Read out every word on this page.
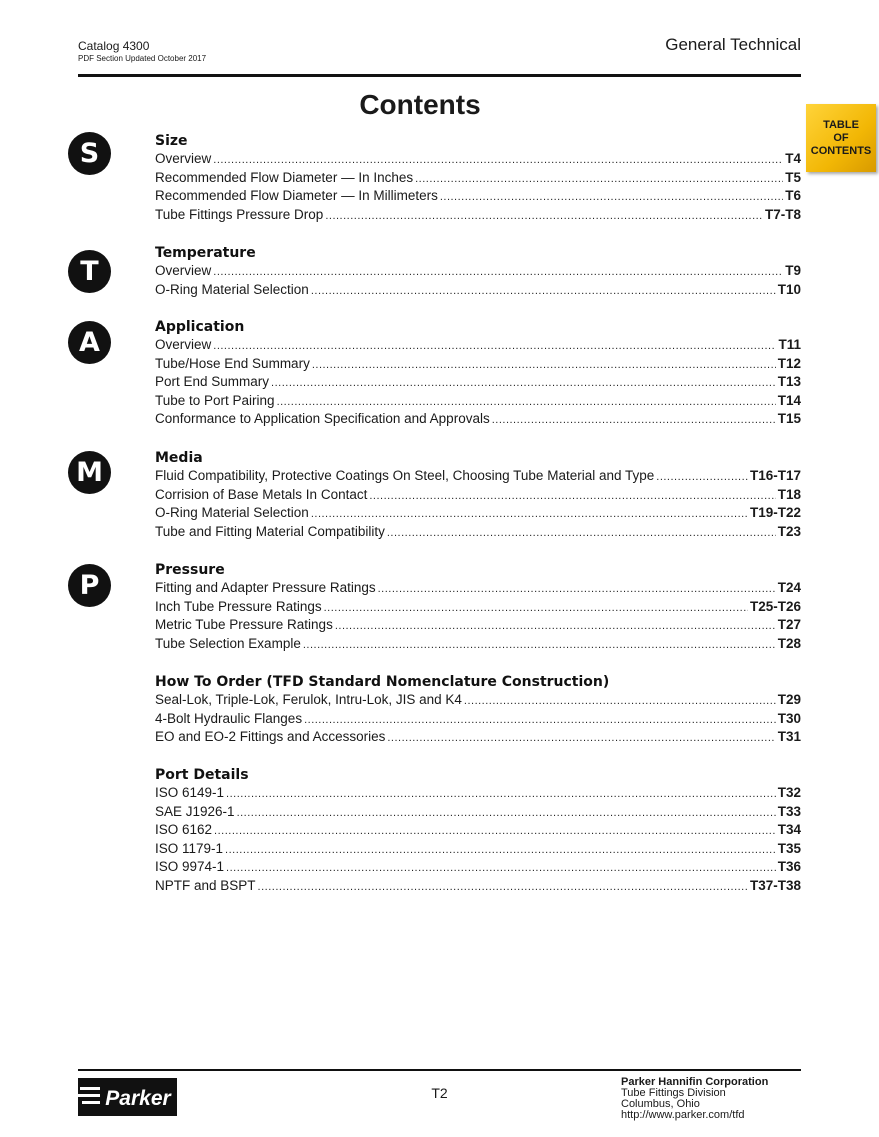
Catalog 4300
PDF Section Updated October 2017
General Technical
Contents
TABLE
OF
CONTENTS
S
T
A
M
P
Size
Overview .....	T4
Recommended Flow Diameter — In Inches .....	T5
Recommended Flow Diameter — In Millimeters .....	T6
Tube Fittings Pressure Drop .....	T7-T8
Temperature
Overview .....	T9
O-Ring Material Selection .....	T10
Application
Overview .....	T11
Tube/Hose End Summary .....	T12
Port End Summary .....	T13
Tube to Port Pairing .....	T14
Conformance to Application Specification and Approvals .....	T15
Media
Fluid Compatibility, Protective Coatings On Steel, Choosing Tube Material and Type .....	T16-T17
Corrision of Base Metals In Contact .....	T18
O-Ring Material Selection .....	T19-T22
Tube and Fitting Material Compatibility .....	T23
Pressure
Fitting and Adapter Pressure Ratings .....	T24
Inch Tube Pressure Ratings .....	T25-T26
Metric Tube Pressure Ratings .....	T27
Tube Selection Example .....	T28
How To Order (TFD Standard Nomenclature Construction)
Seal-Lok, Triple-Lok, Ferulok, Intru-Lok, JIS and K4 .....	T29
4-Bolt Hydraulic Flanges .....	T30
EO and EO-2 Fittings and Accessories .....	T31
Port Details
ISO 6149-1 .....	T32
SAE J1926-1 .....	T33
ISO 6162 .....	T34
ISO 1179-1 .....	T35
ISO 9974-1 .....	T36
NPTF and BSPT .....	T37-T38
Parker	T2
Parker Hannifin Corporation
Tube Fittings Division
Columbus, Ohio
http://www.parker.com/tfd
